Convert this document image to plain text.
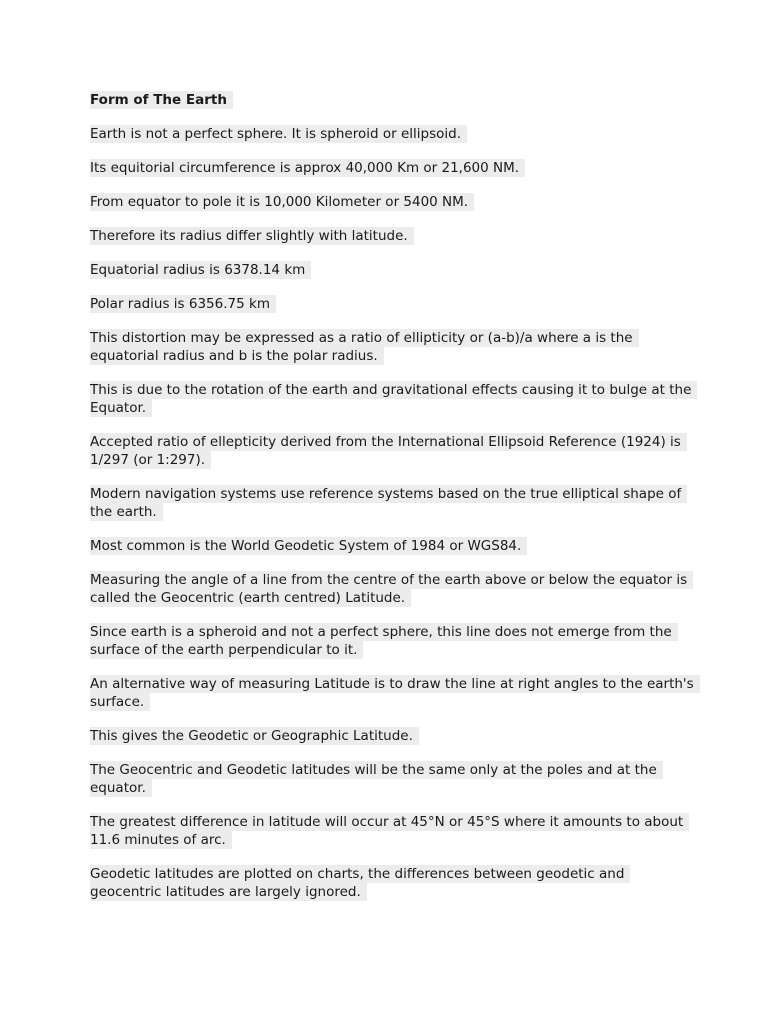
Form of The Earth
Earth is not a perfect sphere. It is spheroid or ellipsoid.
Its equitorial circumference is approx 40,000 Km or 21,600 NM.
From equator to pole it is 10,000 Kilometer or 5400 NM.
Therefore its radius differ slightly with latitude.
Equatorial radius is 6378.14 km
Polar radius is 6356.75 km
This distortion may be expressed as a ratio of ellipticity or (a-b)/a where a is the equatorial radius and b is the polar radius.
This is due to the rotation of the earth and gravitational effects causing it to bulge at the Equator.
Accepted ratio of ellepticity derived from the International Ellipsoid Reference (1924) is 1/297 (or 1:297).
Modern navigation systems use reference systems based on the true elliptical shape of the earth.
Most common is the World Geodetic System of 1984 or WGS84.
Measuring the angle of a line from the centre of the earth above or below the equator is called the Geocentric (earth centred) Latitude.
Since earth is a spheroid and not a perfect sphere, this line does not emerge from the surface of the earth perpendicular to it.
An alternative way of measuring Latitude is to draw the line at right angles to the earth's surface.
This gives the Geodetic or Geographic Latitude.
The Geocentric and Geodetic latitudes will be the same only at the poles and at the equator.
The greatest difference in latitude will occur at 45°N or 45°S where it amounts to about 11.6 minutes of arc.
Geodetic latitudes are plotted on charts, the differences between geodetic and geocentric latitudes are largely ignored.
